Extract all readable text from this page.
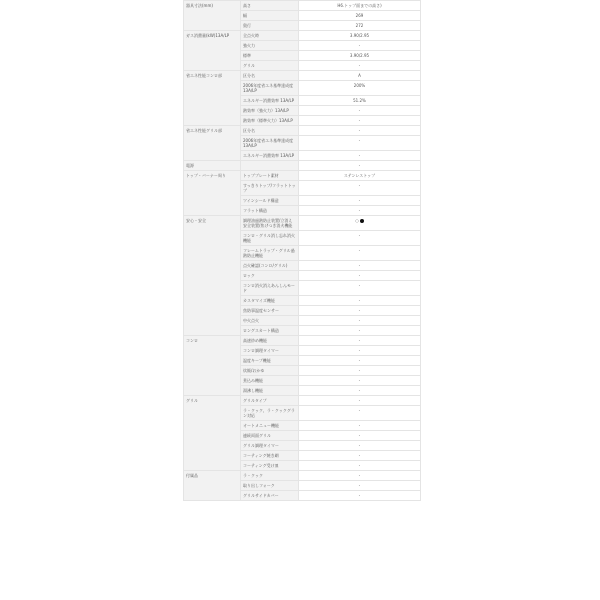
器具寸法(mm)	高さ	H6.トップ面までの高さ)
	幅	269
	奥行	272
ガス消費量(kW)13A/LP	全点火時	3.90/2.95
	強火力	-
	標準	3.90/2.95
	グリル	-
省エネ性能コンロ部	区分名	A
	2006年度省エネ基準達成度 13A/LP	200%
	エネルギー消費効率 13A/LP	51.2%
	熱効率（強火力）13A/LP	-
	熱効率（標準火力）13A/LP	-
省エネ性能グリル部	区分名	-
	2006年度省エネ基準達成度 13A/LP	-
	エネルギー消費効率 13A/LP	-
電源		-
トップ・バーナー周り	トッププレート素材	ステンレストップ
	すっきりトップ/フラットトップ	-
	ツインシールド構造	-
	フラット構造	-
安心・安全	調理油過熱防止装置/立消え安全装置/焦げつき消火機能	○
	コンロ・グリル消し忘れ消火機能	-
	フレームトラップ・グリル過熱防止機能	-
	点火確認(コンロ/グリル)	-
	ロック	-
	コンロ消火消えあんしんモード	-
	カスタマイズ機能	-
	焦防事温度センサー	-
	中火点火	-
	ロングスカート構造	-
コンロ	高速炒め機能	-
	コンロ調理タイマー	-
	温度キープ機能	-
	炊飯/おかゆ	-
	煮込み機能	-
	湯沸し機能	-
グリル	グリルタイプ	-
	ラ・クック、ラ・クックグラン対応	-
	オートメニュー機能	-
	連続両面グリル	-
	グリル調理タイマー	-
	コーティング焼き網	-
	コーティング受け皿	-
付属品	ラ・クック	-
	取り出しフォーク	-
	グリルサイドカバー	-
